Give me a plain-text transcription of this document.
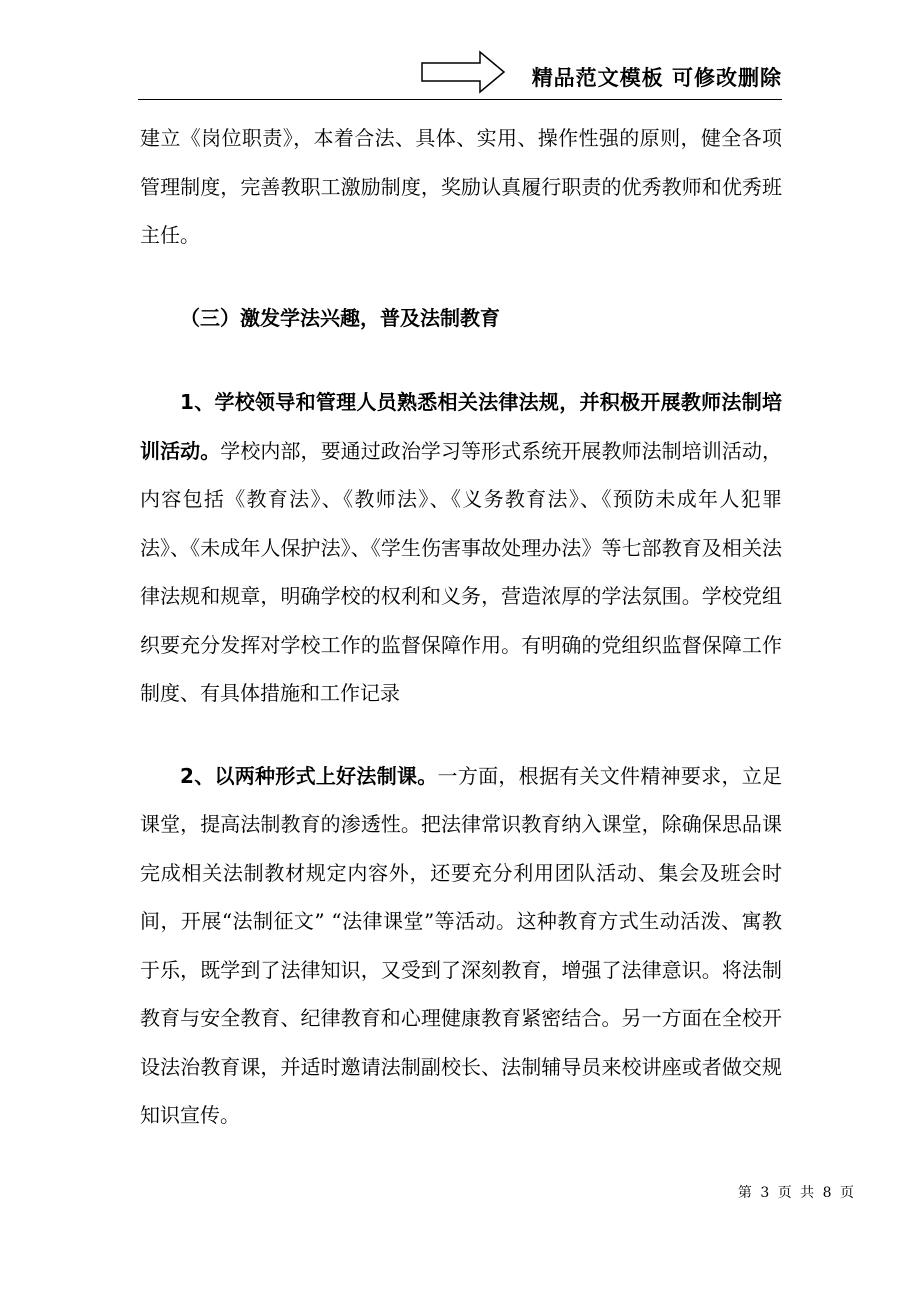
精品范文模板 可修改删除

建立《岗位职责》，本着合法、具体、实用、操作性强的原则，健全各项管理制度，完善教职工激励制度，奖励认真履行职责的优秀教师和优秀班主任。

（三）激发学法兴趣，普及法制教育

1、学校领导和管理人员熟悉相关法律法规，并积极开展教师法制培训活动。学校内部，要通过政治学习等形式系统开展教师法制培训活动，内容包括《教育法》、《教师法》、《义务教育法》、《预防未成年人犯罪法》、《未成年人保护法》、《学生伤害事故处理办法》等七部教育及相关法律法规和规章，明确学校的权利和义务，营造浓厚的学法氛围。学校党组织要充分发挥对学校工作的监督保障作用。有明确的党组织监督保障工作制度、有具体措施和工作记录

2、以两种形式上好法制课。一方面，根据有关文件精神要求，立足课堂，提高法制教育的渗透性。把法律常识教育纳入课堂，除确保思品课完成相关法制教材规定内容外，还要充分利用团队活动、集会及班会时间，开展“法制征文” “法律课堂”等活动。这种教育方式生动活泼、寓教于乐，既学到了法律知识，又受到了深刻教育，增强了法律意识。将法制教育与安全教育、纪律教育和心理健康教育紧密结合。另一方面在全校开设法治教育课，并适时邀请法制副校长、法制辅导员来校讲座或者做交规知识宣传。

第 3 页 共 8 页
